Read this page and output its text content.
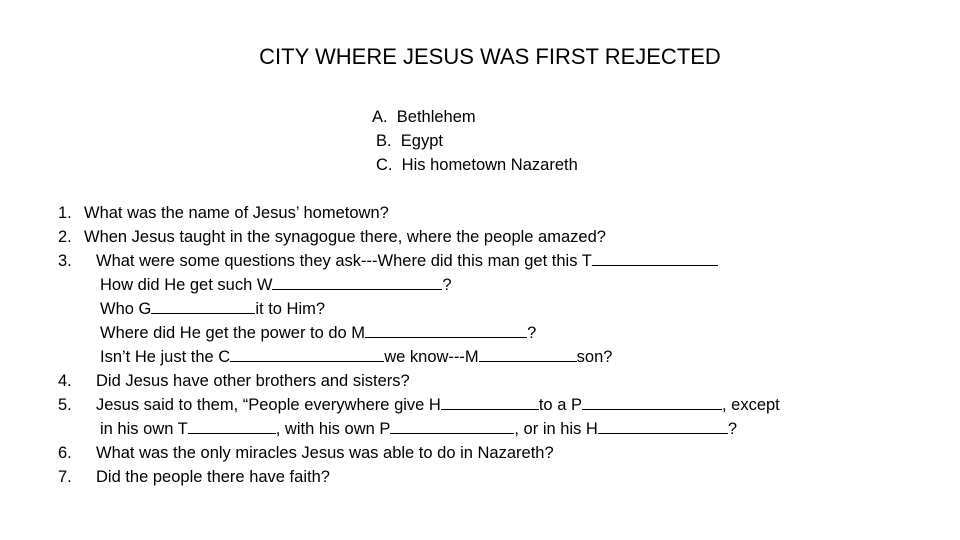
CITY WHERE JESUS WAS FIRST REJECTED
A. Bethlehem
B. Egypt
C. His hometown Nazareth
1. What was the name of Jesus’ hometown?
2. When Jesus taught in the synagogue there, where the people amazed?
3. What were some questions they ask---Where did this man get this T
How did He get such W	?
Who G	it to Him?
Where did He get the power to do M	?
Isn’t He just the C	we know---M	son?
4. Did Jesus have other brothers and sisters?
5. Jesus said to them, “People everywhere give H	to a P	, except
in his own T	, with his own P	, or in his H	?
6. What was the only miracles Jesus was able to do in Nazareth?
7. Did the people there have faith?
